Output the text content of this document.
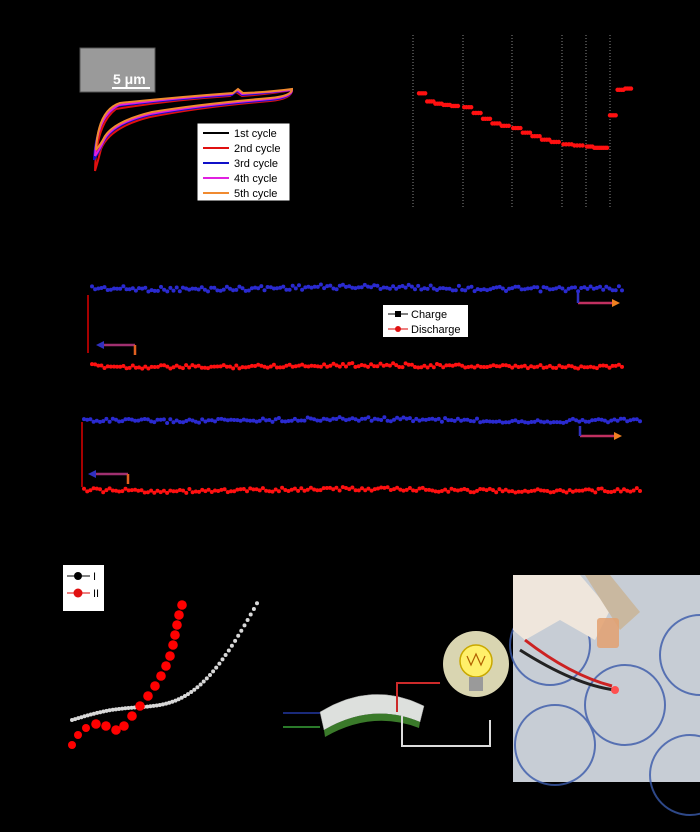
5 μm
1st cycle
2nd cycle
3rd cycle
4th cycle
5th cycle
Charge
Discharge
I
II
